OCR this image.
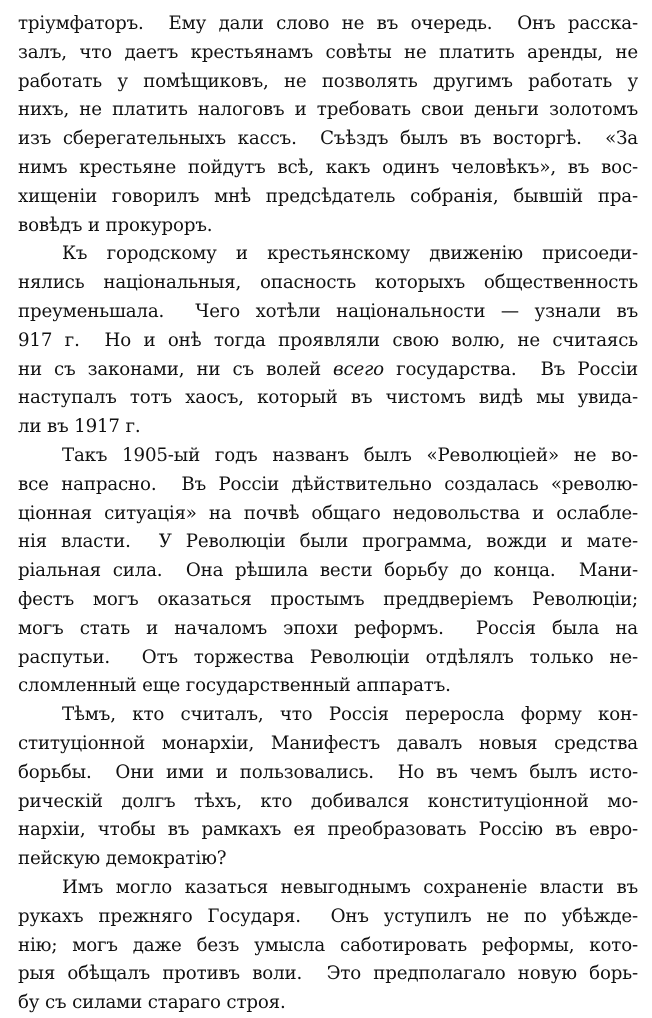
тріумфаторъ.  Ему дали слово не въ очередь.  Онъ расска-
залъ, что даетъ крестьянамъ совѣты не платить аренды, не
работать у помѣщиковъ, не позволять другимъ работать у
нихъ, не платить налоговъ и требовать свои деньги золотомъ
изъ сберегательныхъ кассъ.  Съѣздъ былъ въ восторгѣ.  «За
нимъ крестьяне пойдутъ всѣ, какъ одинъ человѣкъ», въ вос-
хищеніи говорилъ мнѣ предсѣдатель собранія, бывшій пра-
вовѣдъ и прокуроръ.
Къ городскому и крестьянскому движенію присоеди-
нялись національныя, опасность которыхъ общественность
преуменьшала.  Чего хотѣли національности — узнали въ
917 г.  Но и онѣ тогда проявляли свою волю, не считаясь
ни съ законами, ни съ волей всего государства.  Въ Россіи
наступалъ тотъ хаосъ, который въ чистомъ видѣ мы увида-
ли въ 1917 г.
Такъ 1905-ый годъ названъ былъ «Революціей» не во-
все напрасно.  Въ Россіи дѣйствительно создалась «револю-
ціонная ситуація» на почвѣ общаго недовольства и ослабле-
нія власти.  У Революціи были программа, вожди и мате-
ріальная сила.  Она рѣшила вести борьбу до конца.  Мани-
фестъ могъ оказаться простымъ преддверіемъ Революціи;
могъ стать и началомъ эпохи реформъ.  Россія была на
распутьи.  Отъ торжества Революціи отдѣлялъ только не-
сломленный еще государственный аппаратъ.
Тѣмъ, кто считалъ, что Россія переросла форму кон-
ституціонной монархіи, Манифестъ давалъ новыя средства
борьбы.  Они ими и пользовались.  Но въ чемъ былъ исто-
рическій долгъ тѣхъ, кто добивался конституціонной мо-
нархіи, чтобы въ рамкахъ ея преобразовать Россію въ евро-
пейскую демократію?
Имъ могло казаться невыгоднымъ сохраненіе власти въ
рукахъ прежняго Государя.  Онъ уступилъ не по убѣжде-
нію; могъ даже безъ умысла саботировать реформы, кото-
рыя обѣщалъ противъ воли.  Это предполагало новую борь-
бу съ силами стараго строя.
